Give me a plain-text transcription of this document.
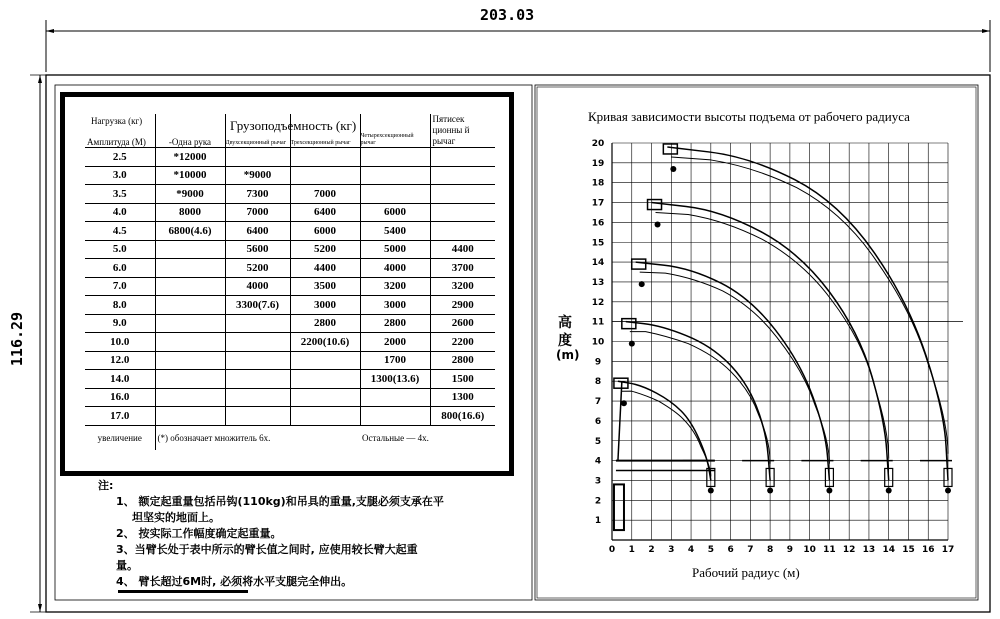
203.03
116.29
Нагрузка (кг)
Амплитуда (М)	-Одна рука	Двухсекционный рычаг	Трехсекционный рычаг	Четырехсекционный рычаг	Пятисек ционны й рычаг
2.5	*12000				
3.0	*10000	*9000			
3.5	*9000	7300	7000		
4.0	8000	7000	6400	6000	
4.5	6800(4.6)	6400	6000	5400	
5.0		5600	5200	5000	4400
6.0		5200	4400	4000	3700
7.0		4000	3500	3200	3200
8.0		3300(7.6)	3000	3000	2900
9.0			2800	2800	2600
10.0			2200(10.6)	2000	2200
12.0				1700	2800
14.0				1300(13.6)	1500
16.0					1300
17.0					800(16.6)
увеличение	(*) обозначает множитель 6х.			Остальные — 4х.	
Грузоподъемность (кг)
注:
1、 额定起重量包括吊钩(110kg)和吊具的重量,支腿必须支承在平
坦坚实的地面上。
2、 按实际工作幅度确定起重量。
3、当臂长处于表中所示的臂长值之间时, 应使用较长臂大起重
量。
4、 臂长超过6M时, 必须将水平支腿完全伸出。
Кривая зависимости высоты подъема от рабочего радиуса
Рабочий радиус (м)
高
度
(m)
0 1 2 3 4 5 6 7 8 9 10 11 12 13 14 15 16 17
1
2
3
4
5
6
7
8
9
10
11
12
13
14
15
16
17
18
19
20
